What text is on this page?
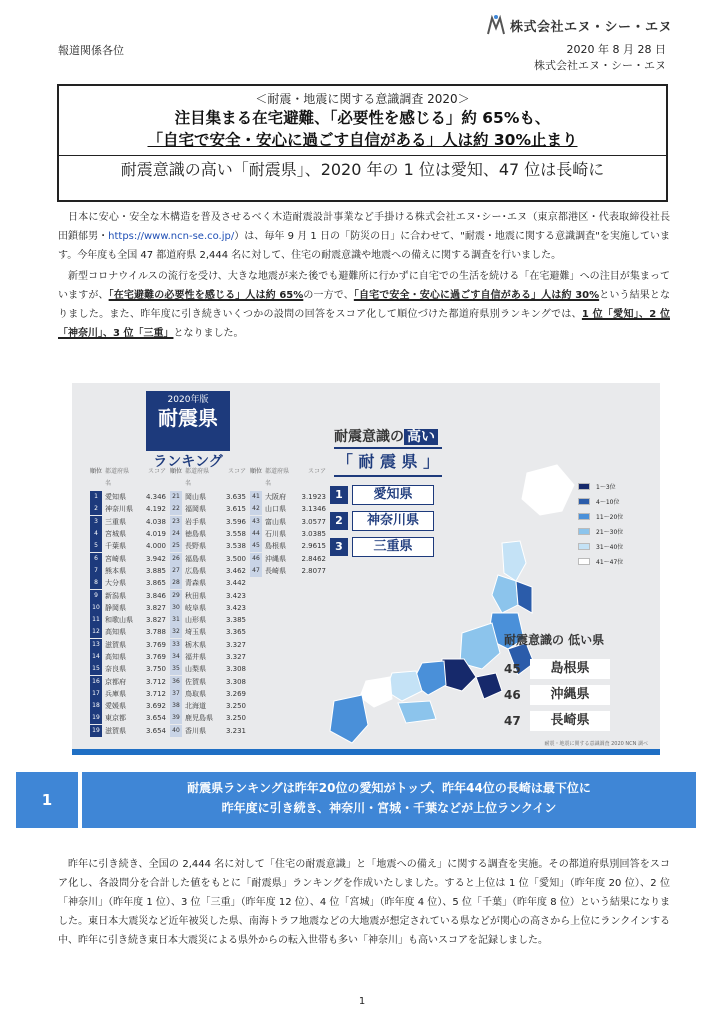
株式会社エヌ・シー・エヌ
報道関係各位	2020 年 8 月 28 日
株式会社エヌ・シー・エヌ
＜耐震・地震に関する意識調査 2020＞
注目集まる在宅避難、「必要性を感じる」約 65%も、
「自宅で安全・安心に過ごす自信がある」人は約 30%止まり
耐震意識の高い「耐震県」、2020 年の 1 位は愛知、47 位は長崎に

日本に安心・安全な木構造を普及させるべく木造耐震設計事業など手掛ける株式会社エヌ･シー･エヌ（東京都港区・代表取締役社長 田鎖郁男・https://www.ncn-se.co.jp/）は、毎年 9 月 1 日の「防災の日」に合わせて、"耐震・地震に関する意識調査"を実施しています。今年度も全国 47 都道府県 2,444 名に対して、住宅の耐震意識や地震への備えに関する調査を行いました。

新型コロナウイルスの流行を受け、大きな地震が来た後でも避難所に行かずに自宅での生活を続ける「在宅避難」への注目が集まっていますが、「在宅避難の必要性を感じる」人は約 65%の一方で、「自宅で安全・安心に過ごす自信がある」人は約 30%という結果となりました。また、昨年度に引き続きいくつかの設問の回答をスコア化して順位づけた都道府県別ランキングでは、1 位「愛知」、2 位「神奈川」、3 位「三重」となりました。

2020年版
耐震県
ランキング
順位 都道府県名
スコア
1	愛知県	4.346
2	神奈川県	4.192
3	三重県	4.038
4	宮城県	4.019
5	千葉県	4.000
6	宮崎県	3.942
7	熊本県	3.885
8	大分県	3.865
9	新潟県	3.846
10 静岡県	3.827
11 和歌山県	3.827
12 高知県	3.788
13 滋賀県	3.769
14 高知県	3.769
15 奈良県	3.750
16 京都府	3.712
17 兵庫県	3.712
18 愛媛県	3.692
19 東京都	3.654
19 滋賀県	3.654
順位 都道府県名
スコア
21 岡山県	3.635
22 福岡県	3.615
23 岩手県	3.596
24 徳島県	3.558
25 長野県	3.538
26 福島県	3.500
27 広島県	3.462
28 青森県	3.442
29 秋田県	3.423
30 岐阜県	3.423
31 山形県	3.385
32 埼玉県	3.365
33 栃木県	3.327
34 福井県	3.327
35 山梨県	3.308
36 佐賀県	3.308
37 鳥取県	3.269
38 北海道	3.250
39 鹿児島県	3.250
40 香川県	3.231
順位 都道府県名
スコア
41 大阪府	3.1923
42 山口県	3.1346
43 富山県	3.0577
44 石川県	3.0385
45 島根県	2.9615
46 沖縄県	2.8462
47 長崎県	2.8077
耐震意識の 高い
「 耐 震 県 」
1	愛知県
2	神奈川県
3	三重県
1〜3位
4〜10位
11〜20位
21〜30位
31〜40位
41〜47位
耐震意識の 低い県
45	島根県
46	沖縄県
47	長崎県
耐震・地震に関する意識調査 2020 NCN 調べ
1
耐震県ランキングは昨年20位の愛知がトップ、昨年44位の長崎は最下位に
昨年度に引き続き、神奈川・宮城・千葉などが上位ランクイン

昨年に引き続き、全国の 2,444 名に対して「住宅の耐震意識」と「地震への備え」に関する調査を実施。その都道府県別回答をスコア化し、各設問分を合計した値をもとに「耐震県」ランキングを作成いたしました。すると上位は 1 位「愛知」（昨年度 20 位）、2 位「神奈川」（昨年度 1 位）、3 位「三重」（昨年度 12 位）、4 位「宮城」（昨年度 4 位）、5 位「千葉」（昨年度 8 位）という結果になりました。東日本大震災など近年被災した県、南海トラフ地震などの大地震が想定されている県などが関心の高さから上位にランクインする中、昨年に引き続き東日本大震災による県外からの転入世帯も多い「神奈川」も高いスコアを記録しました。

1
